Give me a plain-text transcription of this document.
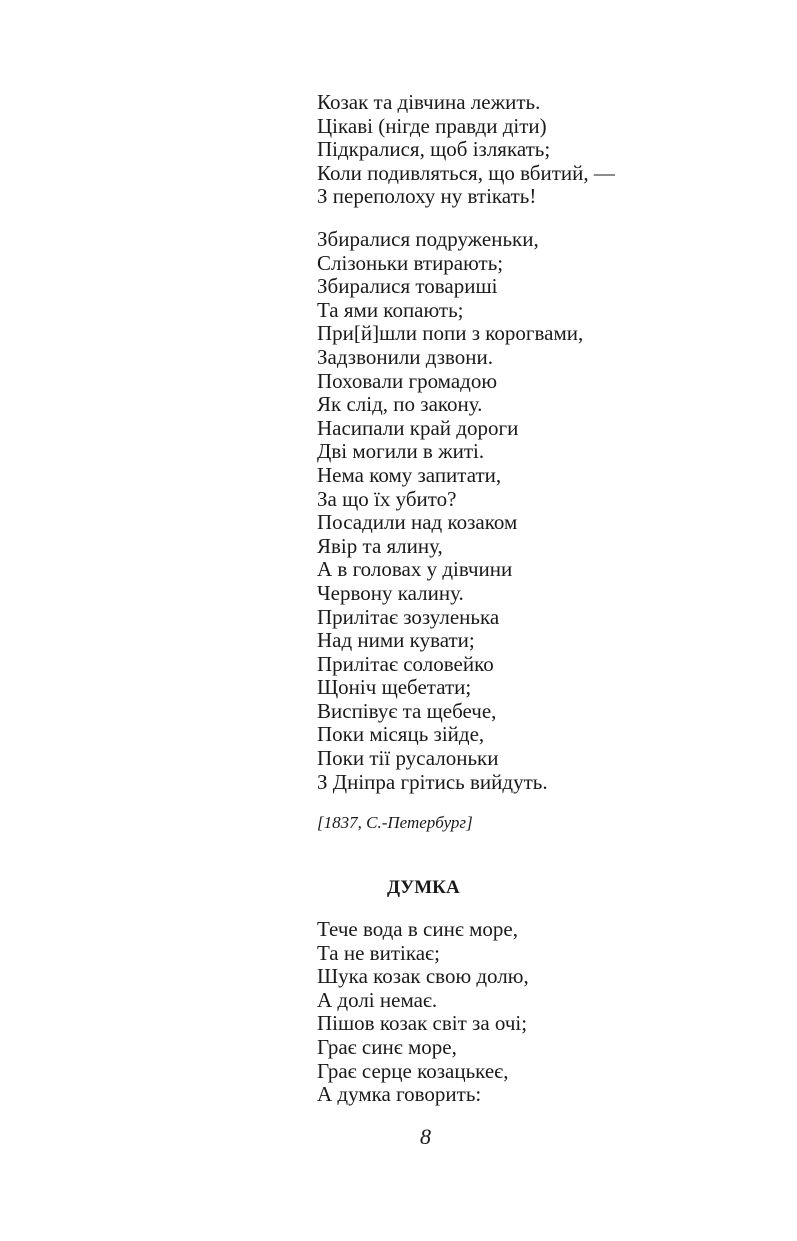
Козак та дівчина лежить.
Цікаві (нігде правди діти)
Підкралися, щоб ізлякать;
Коли подивляться, що вбитий, —
З переполоху ну втікать!
Збиралися подруженьки,
Слізоньки втирають;
Збиралися товариші
Та ями копають;
При[й]шли попи з корогвами,
Задзвонили дзвони.
Поховали громадою
Як слід, по закону.
Насипали край дороги
Дві могили в житі.
Нема кому запитати,
За що їх убито?
Посадили над козаком
Явір та ялину,
А в головах у дівчини
Червону калину.
Прилітає зозуленька
Над ними кувати;
Прилітає соловейко
Щоніч щебетати;
Виспівує та щебече,
Поки місяць зійде,
Поки тії русалоньки
З Дніпра грітись вийдуть.
[1837, С.-Петербург]
ДУМКА
Тече вода в синє море,
Та не витікає;
Шука козак свою долю,
А долі немає.
Пішов козак світ за очі;
Грає синє море,
Грає серце козацькеє,
А думка говорить:
8
